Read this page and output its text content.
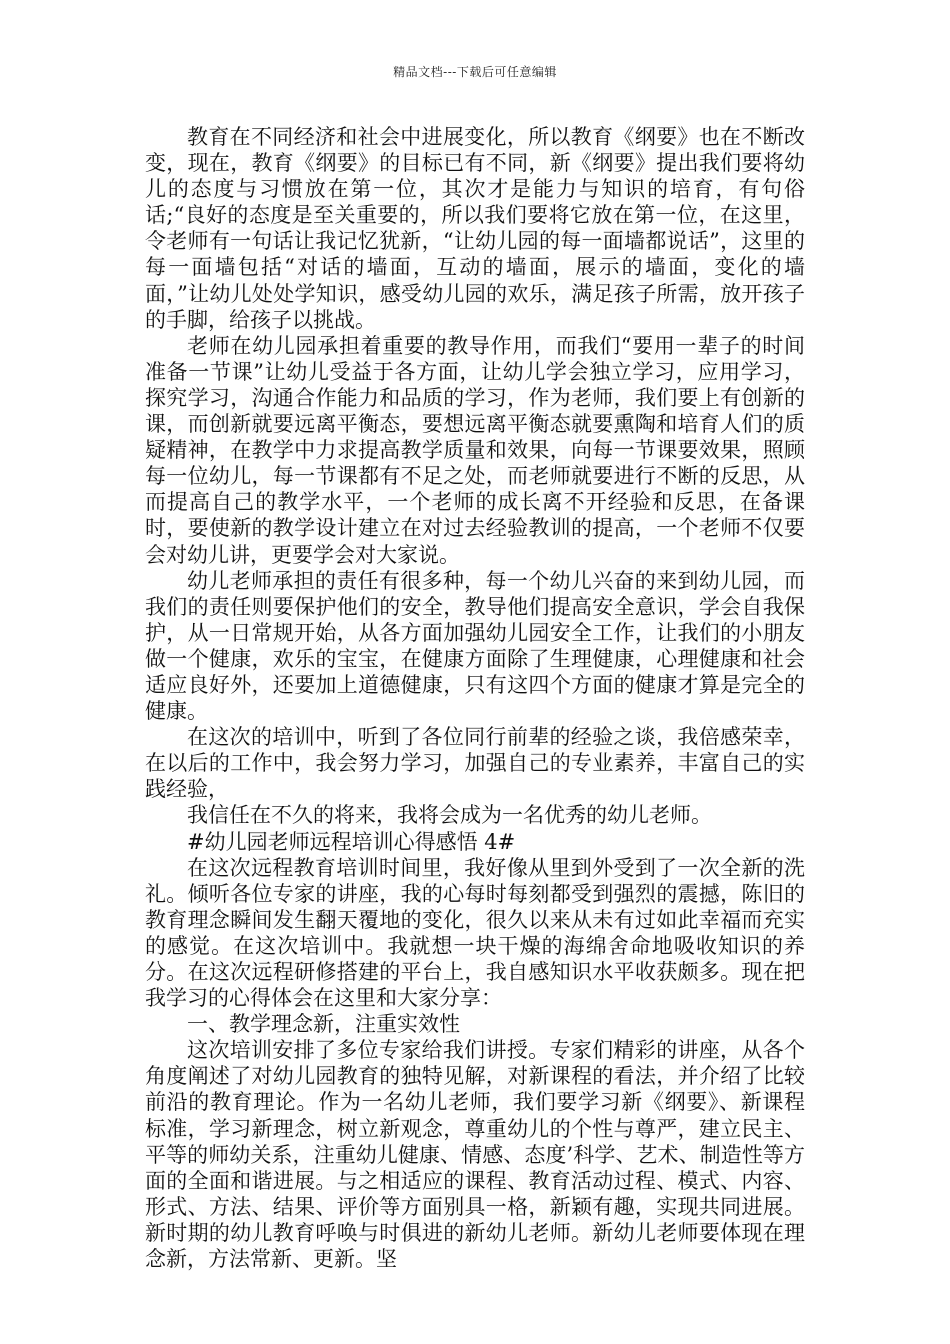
精品文档---下载后可任意编辑

教育在不同经济和社会中进展变化，所以教育《纲要》也在不断改变，现在，教育《纲要》的目标已有不同，新《纲要》提出我们要将幼儿的态度与习惯放在第一位，其次才是能力与知识的培育，有句俗话;“良好的态度是至关重要的，所以我们要将它放在第一位，在这里，令老师有一句话让我记忆犹新，“让幼儿园的每一面墙都说话”，这里的每一面墙包括“对话的墙面，互动的墙面，展示的墙面，变化的墙面，”让幼儿处处学知识，感受幼儿园的欢乐，满足孩子所需，放开孩子的手脚，给孩子以挑战。

老师在幼儿园承担着重要的教导作用，而我们“要用一辈子的时间准备一节课”让幼儿受益于各方面，让幼儿学会独立学习，应用学习，探究学习，沟通合作能力和品质的学习，作为老师，我们要上有创新的课，而创新就要远离平衡态，要想远离平衡态就要熏陶和培育人们的质疑精神，在教学中力求提高教学质量和效果，向每一节课要效果，照顾每一位幼儿，每一节课都有不足之处，而老师就要进行不断的反思，从而提高自己的教学水平，一个老师的成长离不开经验和反思，在备课时，要使新的教学设计建立在对过去经验教训的提高，一个老师不仅要会对幼儿讲，更要学会对大家说。

幼儿老师承担的责任有很多种，每一个幼儿兴奋的来到幼儿园，而我们的责任则要保护他们的安全，教导他们提高安全意识，学会自我保护，从一日常规开始，从各方面加强幼儿园安全工作，让我们的小朋友做一个健康，欢乐的宝宝，在健康方面除了生理健康，心理健康和社会适应良好外，还要加上道德健康，只有这四个方面的健康才算是完全的健康。

在这次的培训中，听到了各位同行前辈的经验之谈，我倍感荣幸，在以后的工作中，我会努力学习，加强自己的专业素养，丰富自己的实践经验，

我信任在不久的将来，我将会成为一名优秀的幼儿老师。

#幼儿园老师远程培训心得感悟 4#

在这次远程教育培训时间里，我好像从里到外受到了一次全新的洗礼。倾听各位专家的讲座，我的心每时每刻都受到强烈的震撼，陈旧的教育理念瞬间发生翻天覆地的变化，很久以来从未有过如此幸福而充实的感觉。在这次培训中。我就想一块干燥的海绵舍命地吸收知识的养分。在这次远程研修搭建的平台上，我自感知识水平收获颇多。现在把我学习的心得体会在这里和大家分享：

一、教学理念新，注重实效性

这次培训安排了多位专家给我们讲授。专家们精彩的讲座，从各个角度阐述了对幼儿园教育的独特见解，对新课程的看法，并介绍了比较前沿的教育理论。作为一名幼儿老师，我们要学习新《纲要》、新课程标准，学习新理念，树立新观念，尊重幼儿的个性与尊严，建立民主、平等的师幼关系，注重幼儿健康、情感、态度’科学、艺术、制造性等方面的全面和谐进展。与之相适应的课程、教育活动过程、模式、内容、形式、方法、结果、评价等方面别具一格，新颖有趣，实现共同进展。新时期的幼儿教育呼唤与时俱进的新幼儿老师。新幼儿老师要体现在理念新，方法常新、更新。坚
